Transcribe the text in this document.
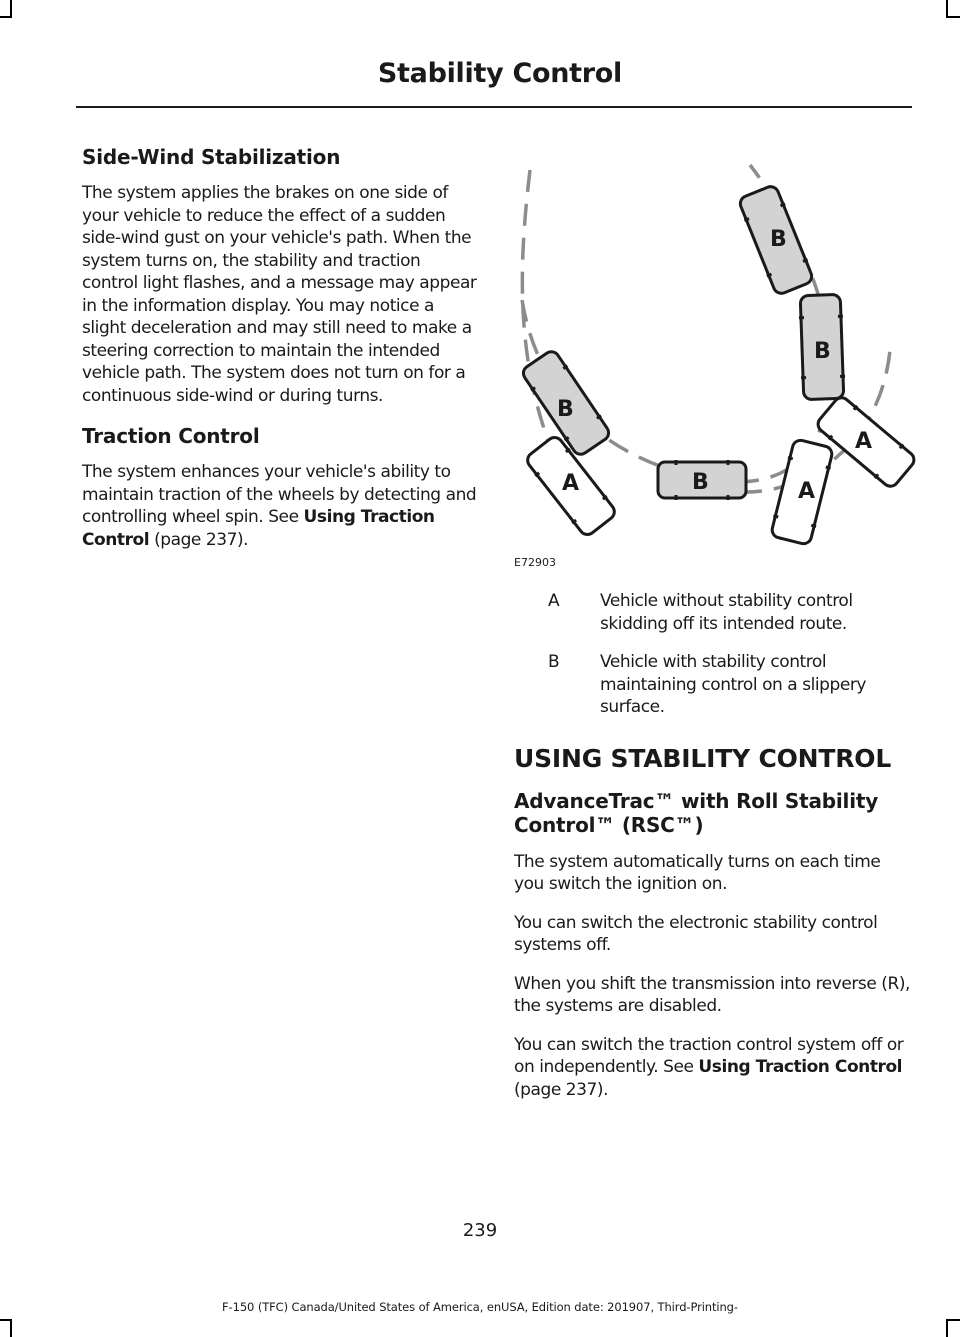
Stability Control
Side-Wind Stabilization

The system applies the brakes on one side of your vehicle to reduce the effect of a sudden side-wind gust on your vehicle's path. When the system turns on, the stability and traction control light flashes, and a message may appear in the information display. You may notice a slight deceleration and may still need to make a steering correction to maintain the intended vehicle path. The system does not turn on for a continuous side-wind or during turns.

Traction Control

The system enhances your vehicle's ability to maintain traction of the wheels by detecting and controlling wheel spin. See Using Traction Control (page 237).

B
B
B
B
A	A
A
E72903
A	Vehicle without stability control skidding off its intended route.
B	Vehicle with stability control maintaining control on a slippery surface.
USING STABILITY CONTROL
AdvanceTrac™ with Roll Stability Control™ (RSC™)

The system automatically turns on each time you switch the ignition on.

You can switch the electronic stability control systems off.

When you shift the transmission into reverse (R), the systems are disabled.

You can switch the traction control system off or on independently. See Using Traction Control (page 237).

239
F-150 (TFC) Canada/United States of America, enUSA, Edition date: 201907, Third-Printing-
